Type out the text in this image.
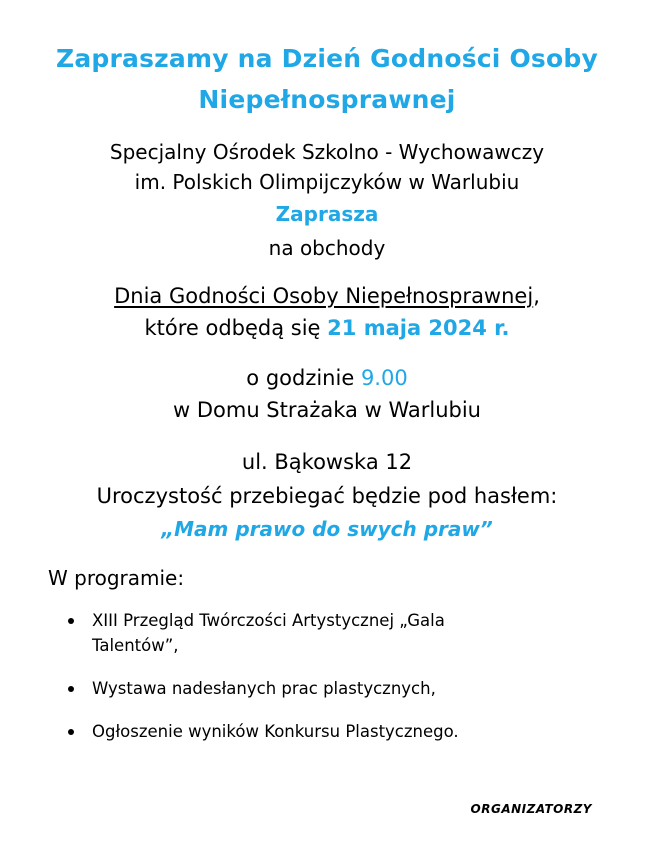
Zapraszamy na Dzień Godności Osoby
Niepełnosprawnej
Specjalny Ośrodek Szkolno - Wychowawczy
im. Polskich Olimpijczyków w Warlubiu
Zaprasza
na obchody
Dnia Godności Osoby Niepełnosprawnej,
które odbędą się 21 maja 2024 r.
o godzinie 9.00
w Domu Strażaka w Warlubiu
ul. Bąkowska 12
Uroczystość przebiegać będzie pod hasłem:
„Mam prawo do swych praw”
W programie:
XIII Przegląd Twórczości Artystycznej „Gala Talentów”,
Wystawa nadesłanych prac plastycznych,
Ogłoszenie wyników Konkursu Plastycznego.
ORGANIZATORZY
